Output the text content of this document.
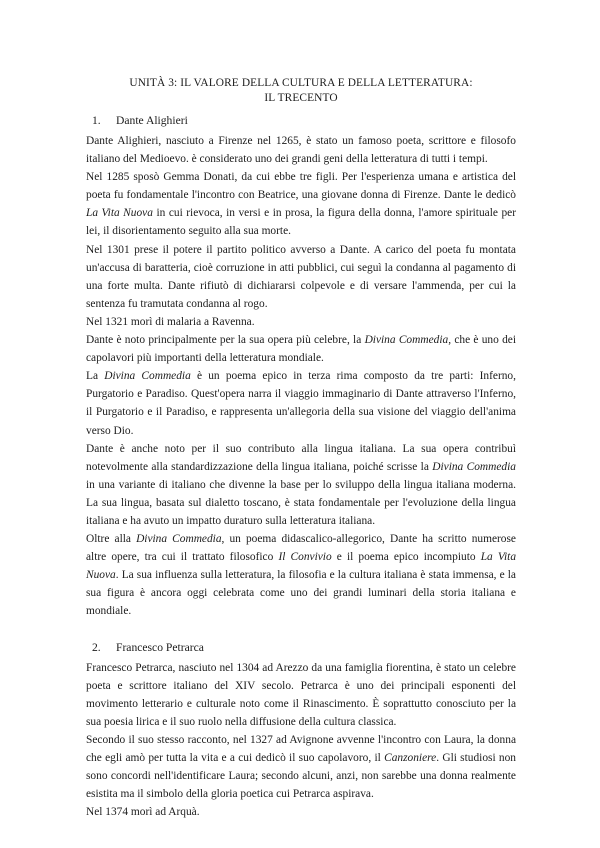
UNITÀ 3: IL VALORE DELLA CULTURA E DELLA LETTERATURA:
IL TRECENTO
1. Dante Alighieri

Dante Alighieri, nasciuto a Firenze nel 1265, è stato un famoso poeta, scrittore e filosofo italiano del Medioevo. è considerato uno dei grandi geni della letteratura di tutti i tempi.

Nel 1285 sposò Gemma Donati, da cui ebbe tre figli. Per l'esperienza umana e artistica del poeta fu fondamentale l'incontro con Beatrice, una giovane donna di Firenze. Dante le dedicò La Vita Nuova in cui rievoca, in versi e in prosa, la figura della donna, l'amore spirituale per lei, il disorientamento seguito alla sua morte.

Nel 1301 prese il potere il partito politico avverso a Dante. A carico del poeta fu montata un'accusa di baratteria, cioè corruzione in atti pubblici, cui seguì la condanna al pagamento di una forte multa. Dante rifiutò di dichiararsi colpevole e di versare l'ammenda, per cui la sentenza fu tramutata condanna al rogo.

Nel 1321 morì di malaria a Ravenna.

Dante è noto principalmente per la sua opera più celebre, la Divina Commedia, che è uno dei capolavori più importanti della letteratura mondiale.

La Divina Commedia è un poema epico in terza rima composto da tre parti: Inferno, Purgatorio e Paradiso. Quest'opera narra il viaggio immaginario di Dante attraverso l'Inferno, il Purgatorio e il Paradiso, e rappresenta un'allegoria della sua visione del viaggio dell'anima verso Dio.

Dante è anche noto per il suo contributo alla lingua italiana. La sua opera contribuì notevolmente alla standardizzazione della lingua italiana, poiché scrisse la Divina Commedia in una variante di italiano che divenne la base per lo sviluppo della lingua italiana moderna. La sua lingua, basata sul dialetto toscano, è stata fondamentale per l'evoluzione della lingua italiana e ha avuto un impatto duraturo sulla letteratura italiana.

Oltre alla Divina Commedia, un poema didascalico-allegorico, Dante ha scritto numerose altre opere, tra cui il trattato filosofico Il Convivio e il poema epico incompiuto La Vita Nuova. La sua influenza sulla letteratura, la filosofia e la cultura italiana è stata immensa, e la sua figura è ancora oggi celebrata come uno dei grandi luminari della storia italiana e mondiale.

2. Francesco Petrarca

Francesco Petrarca, nasciuto nel 1304 ad Arezzo da una famiglia fiorentina, è stato un celebre poeta e scrittore italiano del XIV secolo. Petrarca è uno dei principali esponenti del movimento letterario e culturale noto come il Rinascimento. È soprattutto conosciuto per la sua poesia lirica e il suo ruolo nella diffusione della cultura classica.

Secondo il suo stesso racconto, nel 1327 ad Avignone avvenne l'incontro con Laura, la donna che egli amò per tutta la vita e a cui dedicò il suo capolavoro, il Canzoniere. Gli studiosi non sono concordi nell'identificare Laura; secondo alcuni, anzi, non sarebbe una donna realmente esistita ma il simbolo della gloria poetica cui Petrarca aspirava.

Nel 1374 morì ad Arquà.
